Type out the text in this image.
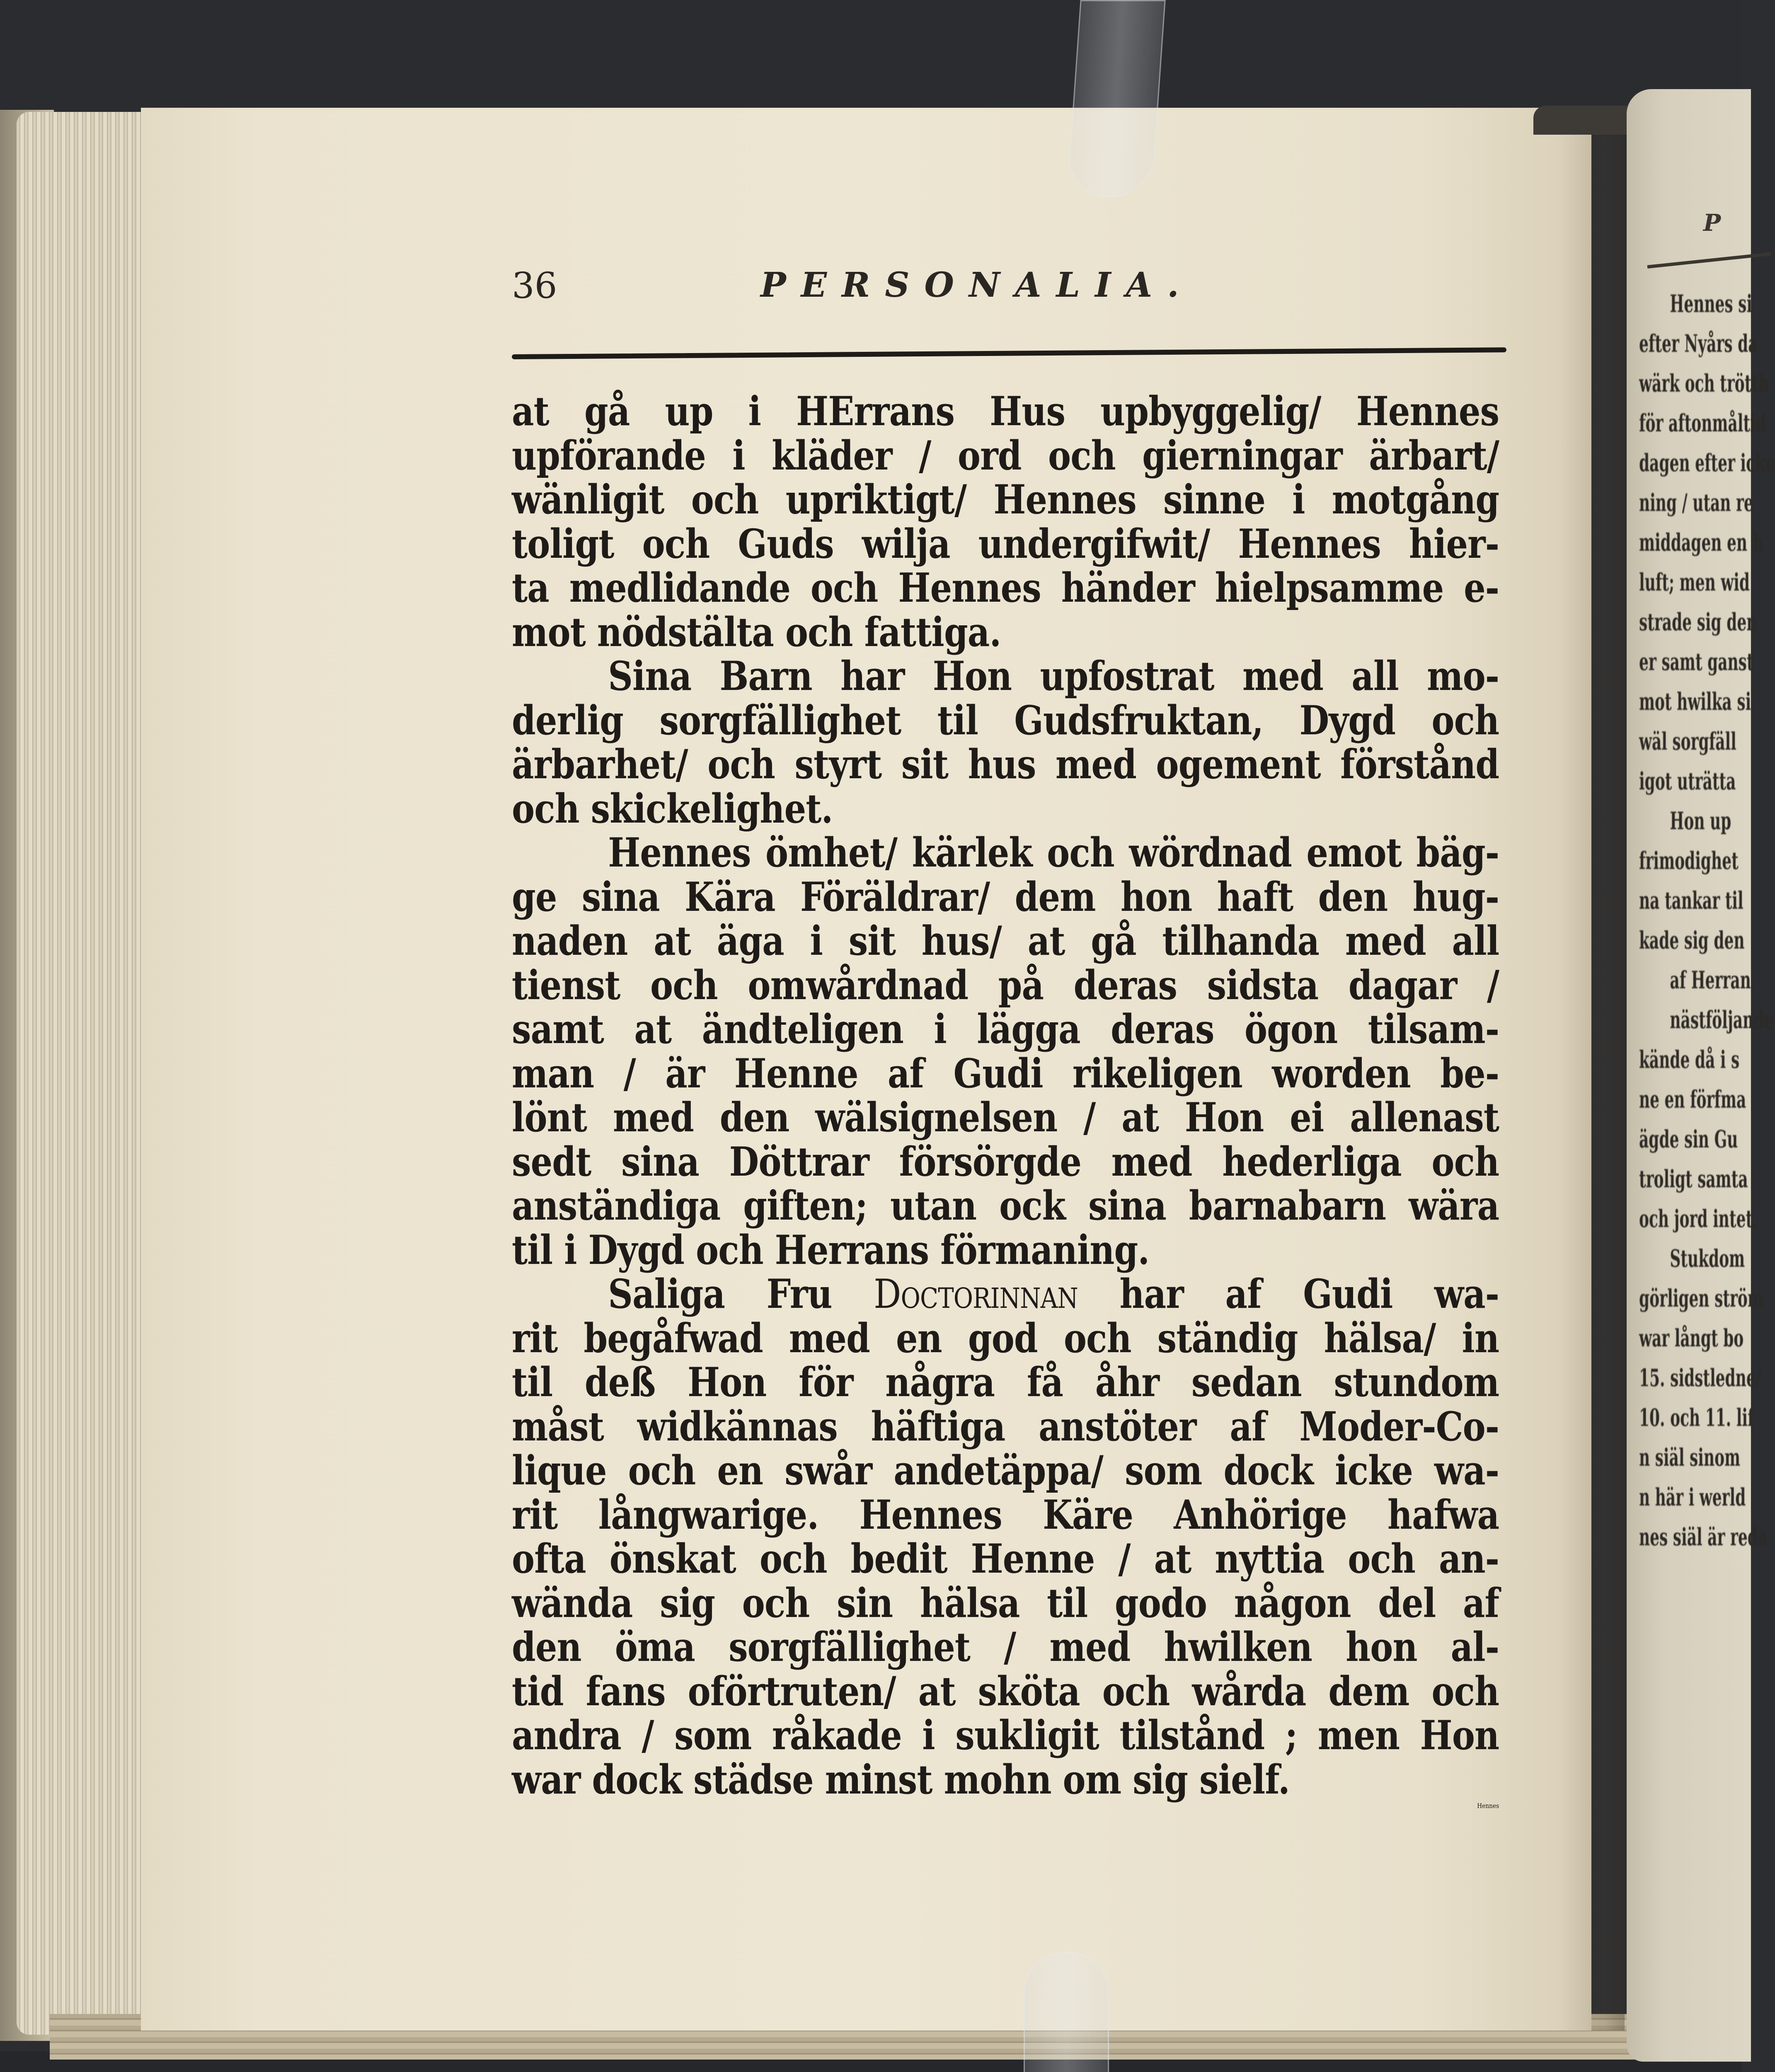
P
Hennes si
efter Nyårs da
wärk och trötth
för aftonmåltid
dagen efter icke
ning / utan re
middagen en h
luft; men wid
strade sig den
er samt ganst
mot hwilka si
wäl sorgfäll
igot uträtta
Hon up
frimodighet
na tankar til
kade sig den
af Herran
nästföljande
kände då i s
ne en förfma
ägde sin Gu
troligt samta
och jord intet.
Stukdom
görligen ström
war långt bo
15. sidstledne/
10. och 11. lif
n siäl sinom
n här i werld
nes siäl är reda
36	PERSONALIA.
at gå up i HErrans Hus upbyggelig/ Hennes
upförande i kläder / ord och gierningar ärbart/
wänligit och upriktigt/ Hennes sinne i motgång
toligt och Guds wilja undergifwit/ Hennes hier-
ta medlidande och Hennes händer hielpsamme e-
mot nödstälta och fattiga.
Sina Barn har Hon upfostrat med all mo-
derlig sorgfällighet til Gudsfruktan, Dygd och
ärbarhet/ och styrt sit hus med ogement förstånd
och skickelighet.
Hennes ömhet/ kärlek och wördnad emot bäg-
ge sina Kära Föräldrar/ dem hon haft den hug-
naden at äga i sit hus/ at gå tilhanda med all
tienst och omwårdnad på deras sidsta dagar /
samt at ändteligen i lägga deras ögon tilsam-
man / är Henne af Gudi rikeligen worden be-
lönt med den wälsignelsen / at Hon ei allenast
sedt sina Döttrar försörgde med hederliga och
anständiga giften; utan ock sina barnabarn wära
til i Dygd och Herrans förmaning.
Saliga Fru Doctorinnan har af Gudi wa-
rit begåfwad med en god och ständig hälsa/ in
til deß Hon för några få åhr sedan stundom
måst widkännas häftiga anstöter af Moder-Co-
lique och en swår andetäppa/ som dock icke wa-
rit långwarige. Hennes Käre Anhörige hafwa
ofta önskat och bedit Henne / at nyttia och an-
wända sig och sin hälsa til godo någon del af
den öma sorgfällighet / med hwilken hon al-
tid fans oförtruten/ at sköta och wårda dem och
andra / som råkade i sukligit tilstånd ; men Hon
war dock städse minst mohn om sig sielf.
Hennes
